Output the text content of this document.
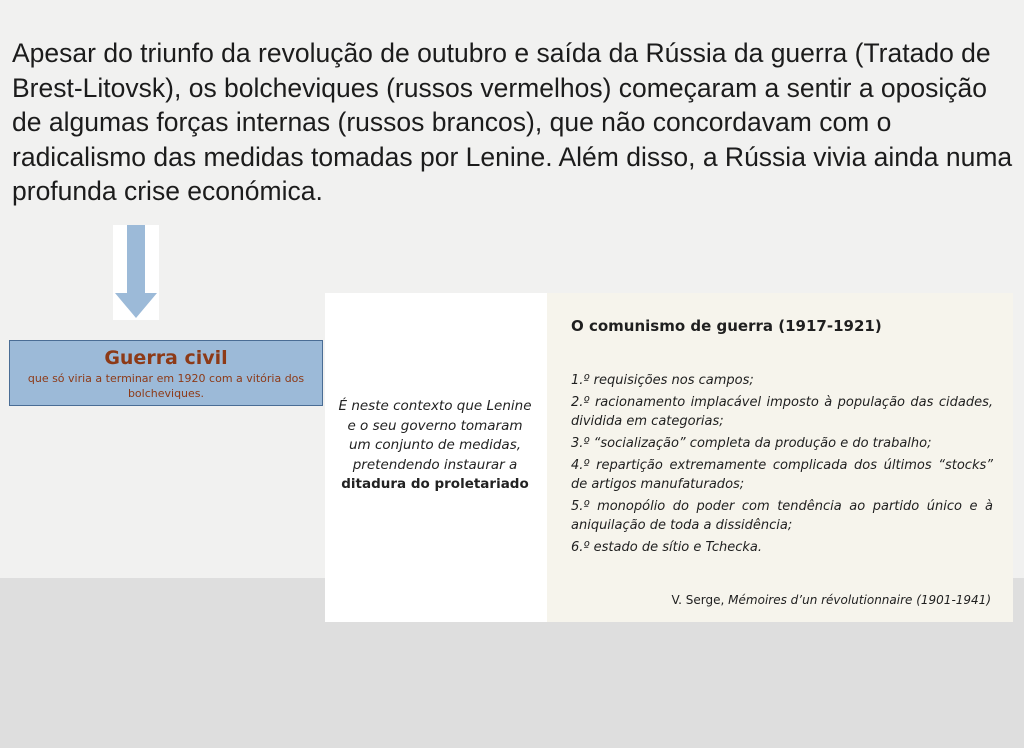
Apesar do triunfo da revolução de outubro e saída da Rússia da guerra (Tratado de Brest-Litovsk), os bolcheviques (russos vermelhos) começaram a sentir a oposição de algumas forças internas (russos brancos), que não concordavam com o radicalismo das medidas tomadas por Lenine. Além disso, a Rússia vivia ainda numa profunda crise económica.

Guerra civil
que só viria a terminar em 1920 com a vitória dos bolcheviques.
É neste contexto que Lenine e o seu governo tomaram um conjunto de medidas, pretendendo instaurar a
ditadura do proletariado
O comunismo de guerra (1917-1921)
1.º requisições nos campos;
2.º racionamento implacável imposto à população das cidades, dividida em categorias;
3.º “socialização” completa da produção e do trabalho;
4.º repartição extremamente complicada dos últimos “stocks” de artigos manufaturados;
5.º monopólio do poder com tendência ao partido único e à aniquilação de toda a dissidência;
6.º estado de sítio e Tchecka.
V. Serge, Mémoires d’un révolutionnaire (1901-1941)
